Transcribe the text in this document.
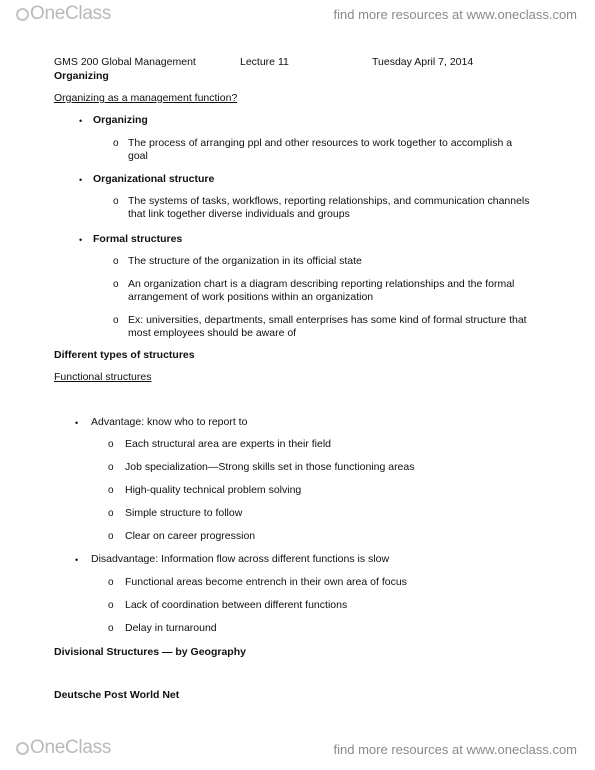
OneClass	find more resources at www.oneclass.com
GMS 200 Global Management	Lecture 11	Tuesday April 7, 2014
Organizing
Organizing as a management function?
• Organizing
o The process of arranging ppl and other resources to work together to accomplish a
goal
• Organizational structure
o The systems of tasks, workflows, reporting relationships, and communication channels
that link together diverse individuals and groups
• Formal structures
o The structure of the organization in its official state
o An organization chart is a diagram describing reporting relationships and the formal
arrangement of work positions within an organization
o Ex: universities, departments, small enterprises has some kind of formal structure that
most employees should be aware of
Different types of structures
Functional structures
• Advantage: know who to report to
o Each structural area are experts in their field
o Job specialization—Strong skills set in those functioning areas
o High-quality technical problem solving
o Simple structure to follow
o Clear on career progression
• Disadvantage: Information flow across different functions is slow
o Functional areas become entrench in their own area of focus
o Lack of coordination between different functions
o Delay in turnaround
Divisional Structures — by Geography
Deutsche Post World Net
OneClass	find more resources at www.oneclass.com
